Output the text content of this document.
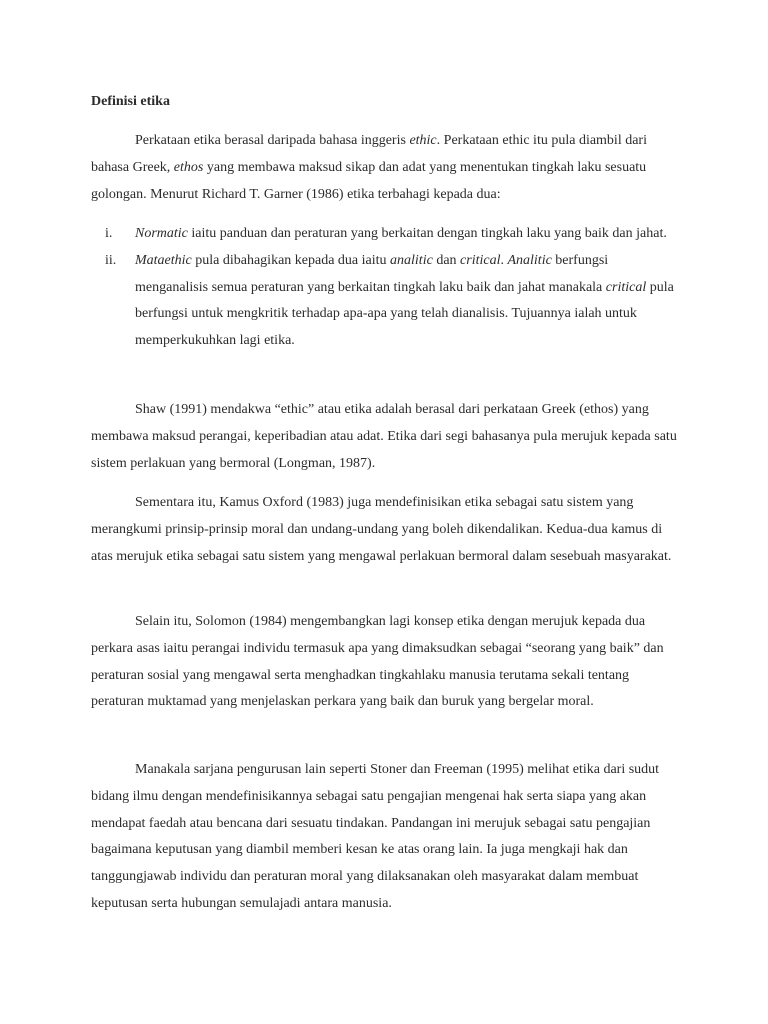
Definisi etika

Perkataan etika berasal daripada bahasa inggeris ethic. Perkataan ethic itu pula diambil dari bahasa Greek, ethos yang membawa maksud sikap dan adat yang menentukan tingkah laku sesuatu golongan. Menurut Richard T. Garner (1986) etika terbahagi kepada dua:

i. Normatic iaitu panduan dan peraturan yang berkaitan dengan tingkah laku yang baik dan jahat.
ii. Mataethic pula dibahagikan kepada dua iaitu analitic dan critical. Analitic berfungsi menganalisis semua peraturan yang berkaitan tingkah laku baik dan jahat manakala critical pula berfungsi untuk mengkritik terhadap apa-apa yang telah dianalisis. Tujuannya ialah untuk memperkukuhkan lagi etika.

Shaw (1991) mendakwa “ethic” atau etika adalah berasal dari perkataan Greek (ethos) yang membawa maksud perangai, keperibadian atau adat. Etika dari segi bahasanya pula merujuk kepada satu sistem perlakuan yang bermoral (Longman, 1987).

Sementara itu, Kamus Oxford (1983) juga mendefinisikan etika sebagai satu sistem yang merangkumi prinsip-prinsip moral dan undang-undang yang boleh dikendalikan. Kedua-dua kamus di atas merujuk etika sebagai satu sistem yang mengawal perlakuan bermoral dalam sesebuah masyarakat.

Selain itu, Solomon (1984) mengembangkan lagi konsep etika dengan merujuk kepada dua perkara asas iaitu perangai individu termasuk apa yang dimaksudkan sebagai “seorang yang baik” dan peraturan sosial yang mengawal serta menghadkan tingkahlaku manusia terutama sekali tentang peraturan muktamad yang menjelaskan perkara yang baik dan buruk yang bergelar moral.

Manakala sarjana pengurusan lain seperti Stoner dan Freeman (1995) melihat etika dari sudut bidang ilmu dengan mendefinisikannya sebagai satu pengajian mengenai hak serta siapa yang akan mendapat faedah atau bencana dari sesuatu tindakan. Pandangan ini merujuk sebagai satu pengajian bagaimana keputusan yang diambil memberi kesan ke atas orang lain. Ia juga mengkaji hak dan tanggungjawab individu dan peraturan moral yang dilaksanakan oleh masyarakat dalam membuat keputusan serta hubungan semulajadi antara manusia.
